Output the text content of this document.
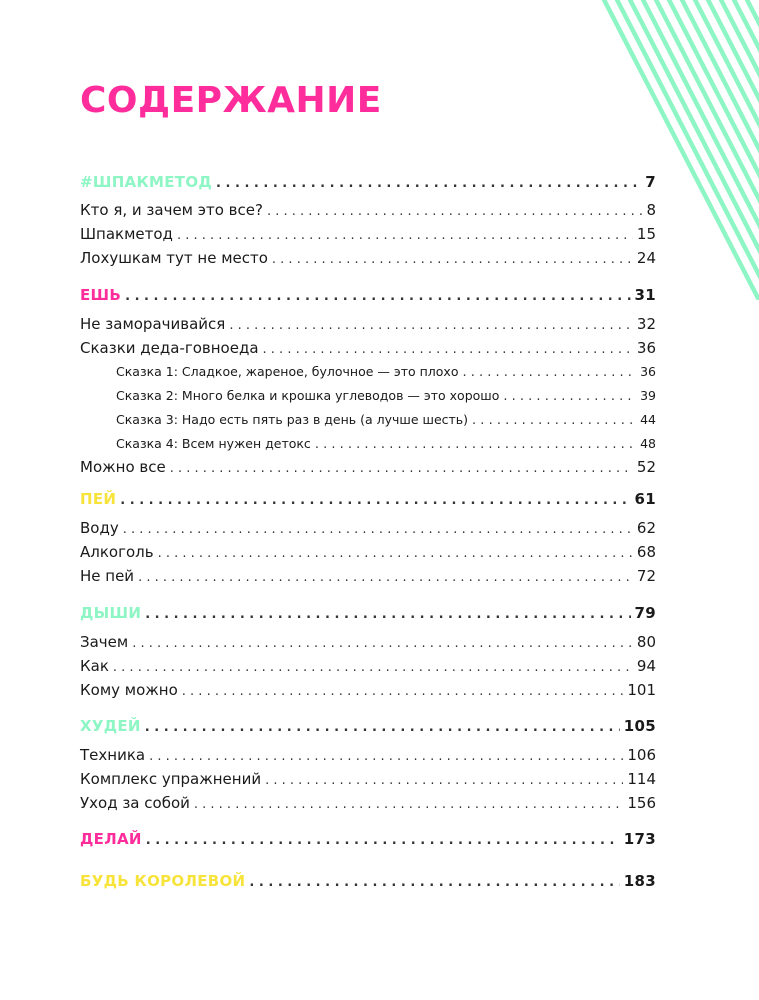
СОДЕРЖАНИЕ
#ШПАКМЕТОД . . .	7
Кто я, и зачем это все? . . .	8
Шпакметод . . .	15
Лохушкам тут не место . . .	24
ЕШЬ . . .	31
Не заморачивайся . . .	32
Сказки деда-говноеда . . .	36
Сказка 1: Сладкое, жареное, булочное — это плохо . . .	36
Сказка 2: Много белка и крошка углеводов — это хорошо . . .	39
Сказка 3: Надо есть пять раз в день (а лучше шесть) . . .	44
Сказка 4: Всем нужен детокс . . .	48
Можно все . . .	52
ПЕЙ . . .	61
Воду . . .	62
Алкоголь . . .	68
Не пей . . .	72
ДЫШИ . . .	79
Зачем . . .	80
Как . . .	94
Кому можно . . .	101
ХУДЕЙ . . .	105
Техника . . .	106
Комплекс упражнений . . .	114
Уход за собой . . .	156
ДЕЛАЙ . . .	173
БУДЬ КОРОЛЕВОЙ . . .	183
